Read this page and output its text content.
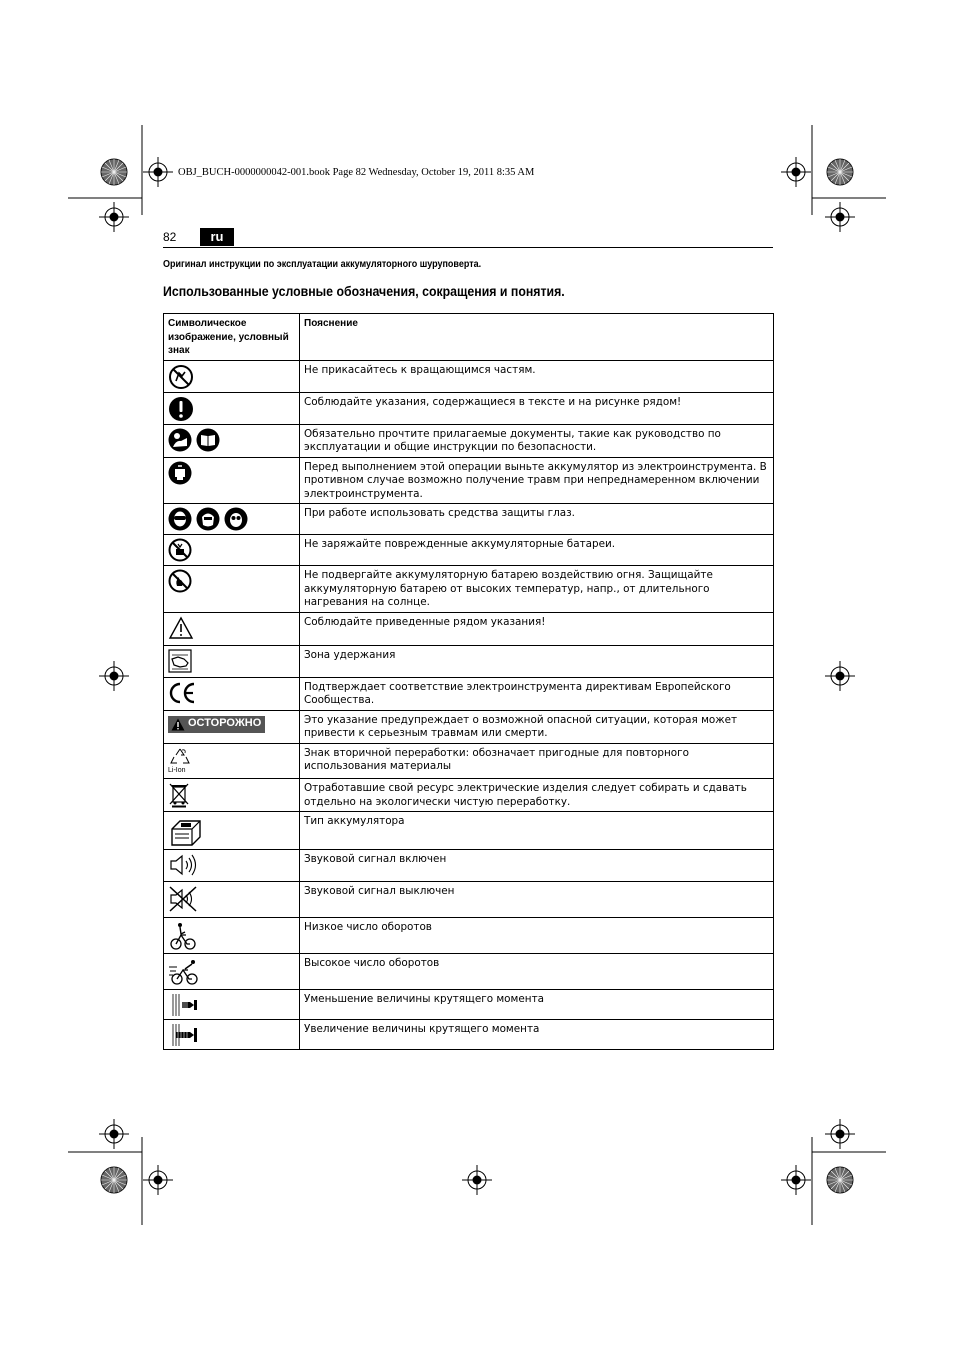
OBJ_BUCH-0000000042-001.book Page 82 Wednesday, October 19, 2011 8:35 AM
82	ru
Оригинал инструкции по эксплуатации аккумуляторного шуруповерта.
Использованные условные обозначения, сокращения и понятия.
Символическое изображение, условный знак	Пояснение

	Не прикасайтесь к вращающимся частям.

	Соблюдайте указания, содержащиеся в тексте и на рисунке рядом!

	Обязательно прочтите прилагаемые документы, такие как руководство по эксплуатации и общие инструкции по безопасности.

	Перед выполнением этой операции выньте аккумулятор из электроинструмента. В противном случае возможно получение травм при непреднамеренном включении электроинструмента.

	При работе использовать средства защиты глаз.

	Не заряжайте поврежденные аккумуляторные батареи.

	Не подвергайте аккумуляторную батарею воздействию огня. Защищайте аккумуляторную батарею от высоких температур, напр., от длительного нагревания на солнце.

	Соблюдайте приведенные рядом указания!

	Зона удержания

	Подтверждает соответствие электроинструмента директивам Европейского Сообщества.

ОСТОРОЖНО	Это указание предупреждает о возможной опасной ситуации, которая может привести к серьезным травмам или смерти.

Li-Ion	Знак вторичной переработки: обозначает пригодные для повторного использования материалы

	Отработавшие свой ресурс электрические изделия следует собирать и сдавать отдельно на экологически чистую переработку.

	Тип аккумулятора

	Звуковой сигнал включен

	Звуковой сигнал выключен

	Низкое число оборотов

	Высокое число оборотов

	Уменьшение величины крутящего момента

	Увеличение величины крутящего момента
